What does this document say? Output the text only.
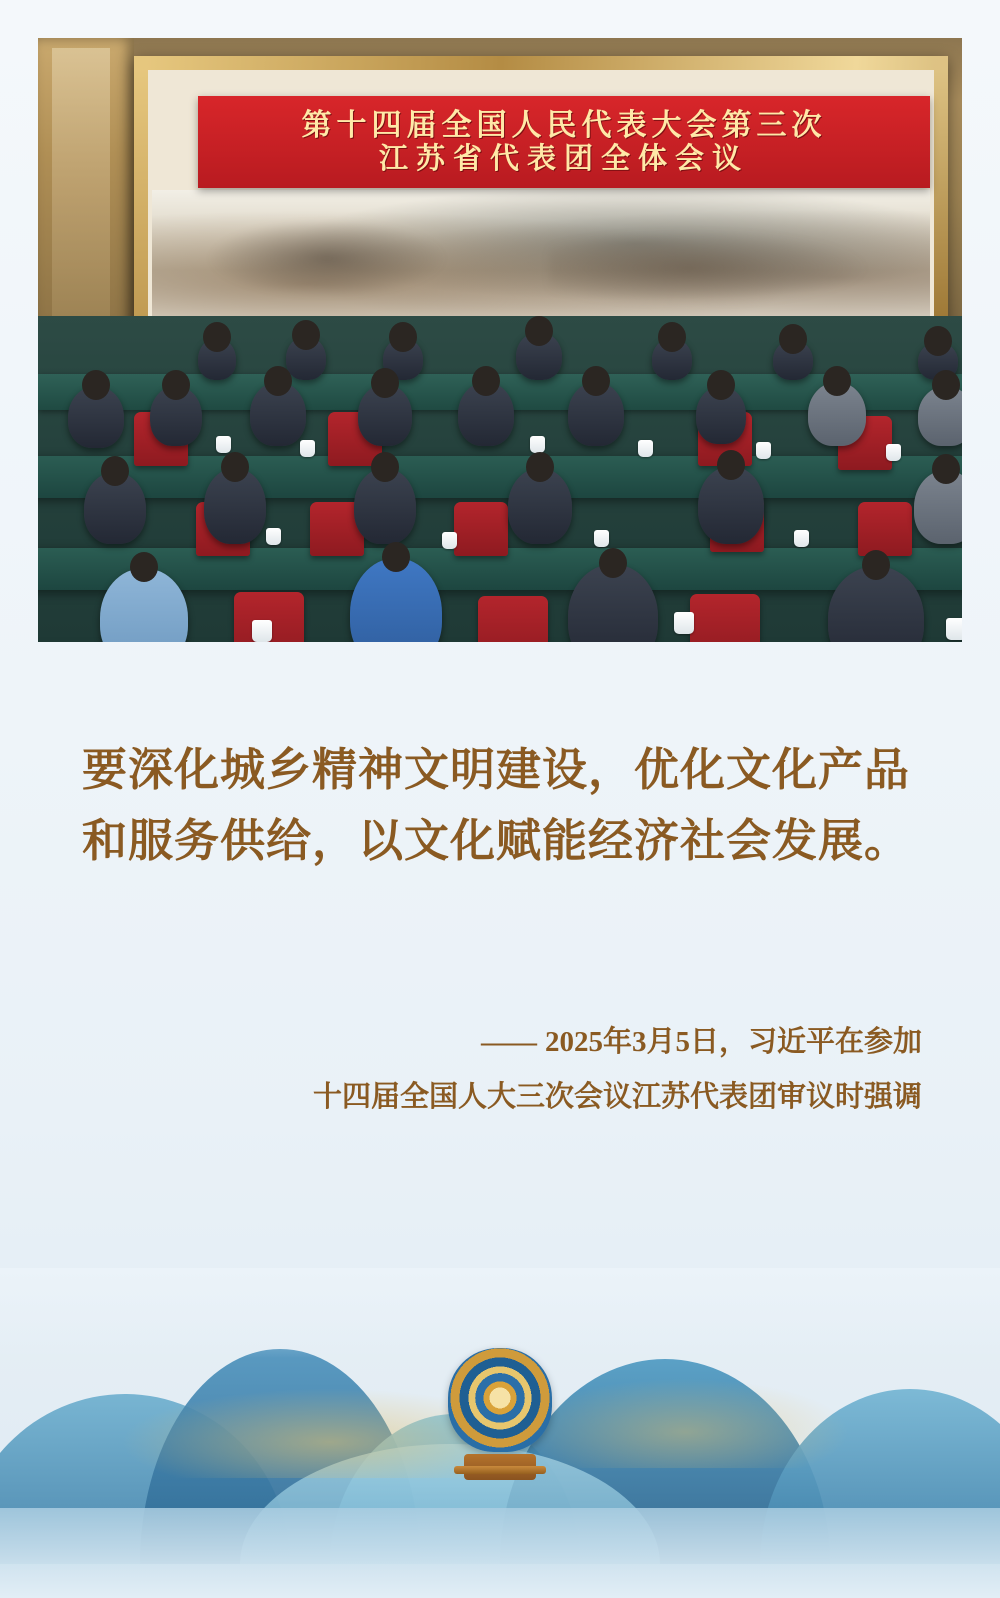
第十四届全国人民代表大会第三次
江苏省代表团全体会议
要深化城乡精神文明建设，优化文化产品和服务供给，以文化赋能经济社会发展。
—— 2025年3月5日，习近平在参加
十四届全国人大三次会议江苏代表团审议时强调
